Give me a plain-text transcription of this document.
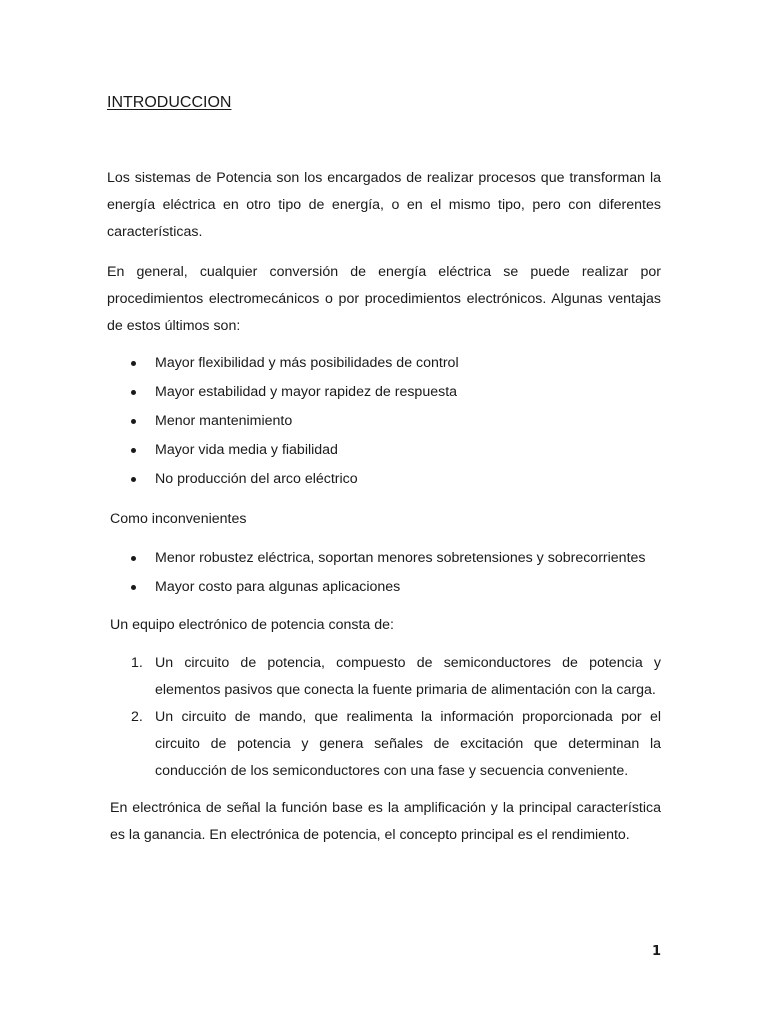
INTRODUCCION

Los sistemas de Potencia son los encargados de realizar procesos que transforman la energía eléctrica en otro tipo de energía, o en el mismo tipo, pero con diferentes características.

En general, cualquier conversión de energía eléctrica se puede realizar por procedimientos electromecánicos o por procedimientos electrónicos. Algunas ventajas de estos últimos son:

Mayor flexibilidad y más posibilidades de control
Mayor estabilidad y mayor rapidez de respuesta
Menor mantenimiento
Mayor vida media y fiabilidad
No producción del arco eléctrico

Como inconvenientes

Menor robustez eléctrica, soportan menores sobretensiones y sobrecorrientes
Mayor costo para algunas aplicaciones

Un equipo electrónico de potencia consta de:

1. Un circuito de potencia, compuesto de semiconductores de potencia y elementos pasivos que conecta la fuente primaria de alimentación con la carga.
2. Un circuito de mando, que realimenta la información proporcionada por el circuito de potencia y genera señales de excitación que determinan la conducción de los semiconductores con una fase y secuencia conveniente.

En electrónica de señal la función base es la amplificación y la principal característica es la ganancia. En electrónica de potencia, el concepto principal es el rendimiento.

1
